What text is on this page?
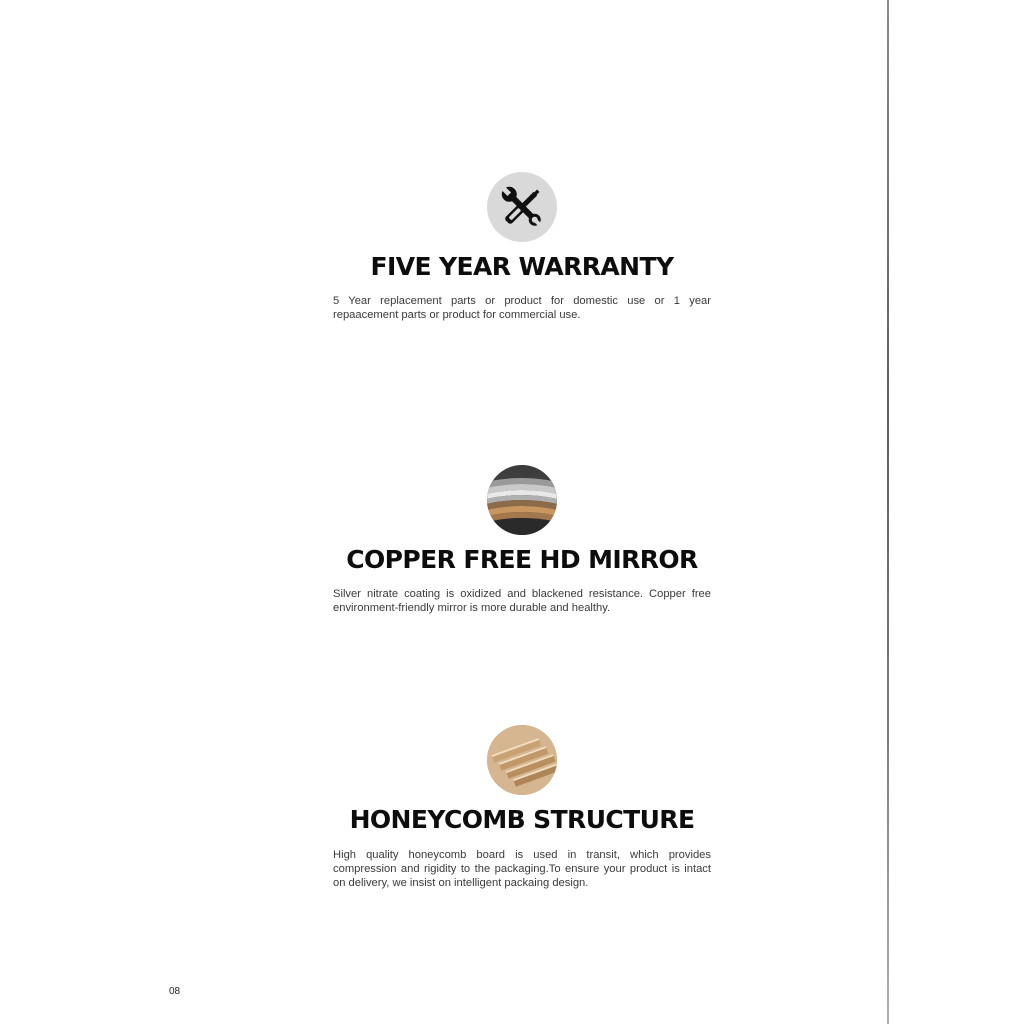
FIVE YEAR WARRANTY

5 Year replacement parts or product for domestic use or 1 year repaacement parts or product for commercial use.

COPPER FREE HD MIRROR

Silver nitrate coating is oxidized and blackened resistance. Copper free environment-friendly mirror is more durable and healthy.

HONEYCOMB STRUCTURE

High quality honeycomb board is used in transit, which provides compression and rigidity to the packaging.To ensure your product is intact on delivery, we insist on intelligent packaing design.

08
